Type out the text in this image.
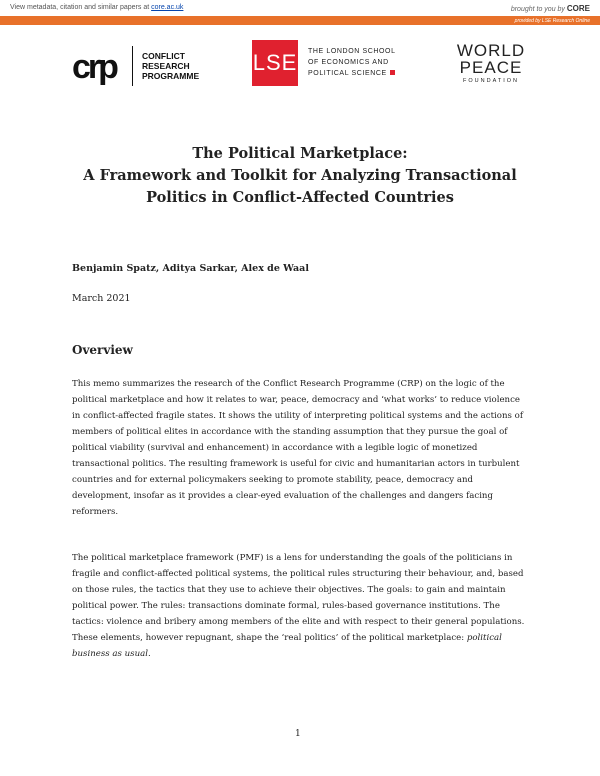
View metadata, citation and similar papers at core.ac.uk	brought to you by CORE
provided by LSE Research Online
crp	CONFLICT
RESEARCH
PROGRAMME
LSE THE LONDON SCHOOL
OF ECONOMICS AND
POLITICAL SCIENCE
WORLD
PEACE
FOUNDATION
The Political Marketplace:
A Framework and Toolkit for Analyzing Transactional
Politics in Conflict-Affected Countries
Benjamin Spatz, Aditya Sarkar, Alex de Waal
March 2021
Overview
This memo summarizes the research of the Conflict Research Programme (CRP) on the logic of the political marketplace and how it relates to war, peace, democracy and ‘what works’ to reduce violence in conflict-affected fragile states. It shows the utility of interpreting political systems and the actions of members of political elites in accordance with the standing assumption that they pursue the goal of political viability (survival and enhancement) in accordance with a legible logic of monetized transactional politics. The resulting framework is useful for civic and humanitarian actors in turbulent countries and for external policymakers seeking to promote stability, peace, democracy and development, insofar as it provides a clear-eyed evaluation of the challenges and dangers facing reformers.
The political marketplace framework (PMF) is a lens for understanding the goals of the politicians in fragile and conflict-affected political systems, the political rules structuring their behaviour, and, based on those rules, the tactics that they use to achieve their objectives. The goals: to gain and maintain political power. The rules: transactions dominate formal, rules-based governance institutions. The tactics: violence and bribery among members of the elite and with respect to their general populations. These elements, however repugnant, shape the ‘real politics’ of the political marketplace: political business as usual.
1
